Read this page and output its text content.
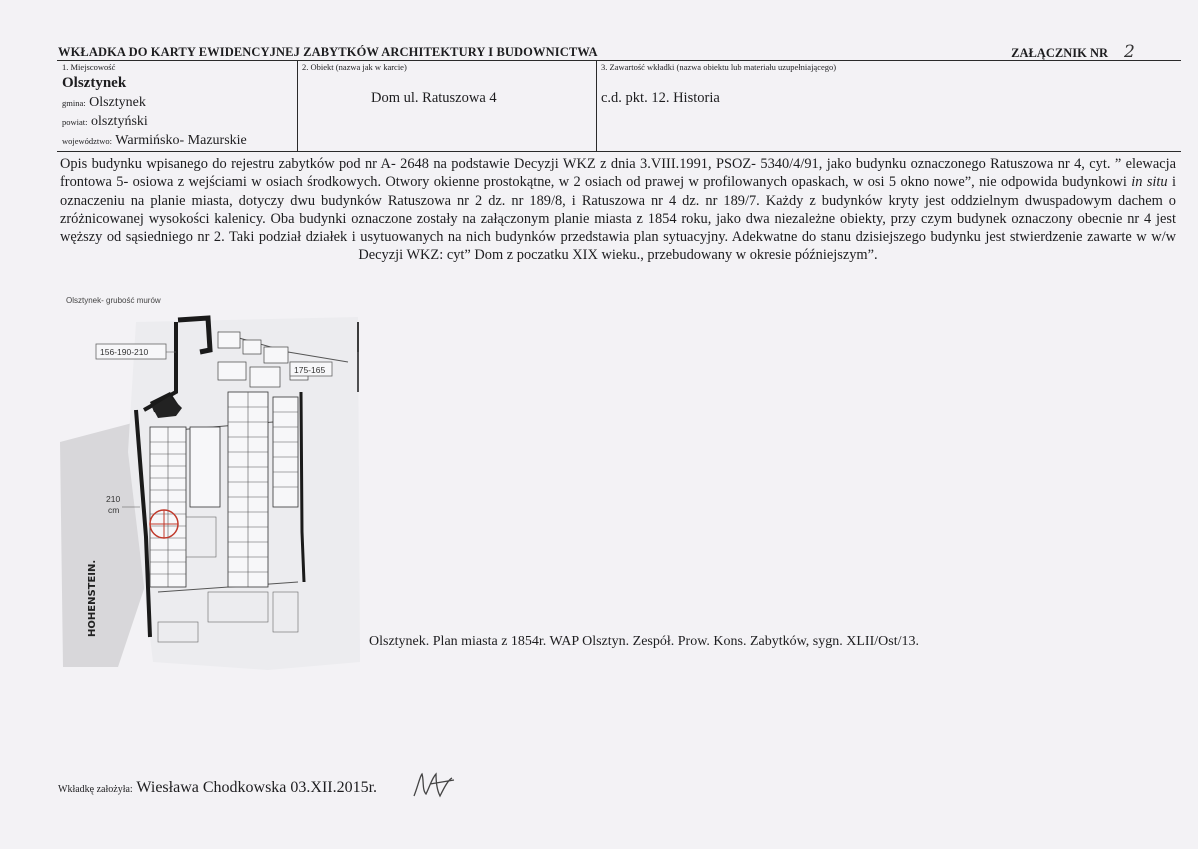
WKŁADKA DO KARTY EWIDENCYJNEJ ZABYTKÓW ARCHITEKTURY I BUDOWNICTWA	ZAŁĄCZNIK NR 2
1. Miejscowość
Olsztynek
gmina: Olsztynek
powiat: olsztyński
województwo: Warmińsko- Mazurskie
2. Obiekt (nazwa jak w karcie)
Dom ul. Ratuszowa 4
3. Zawartość wkładki (nazwa obiektu lub materiału uzupełniającego)
c.d. pkt. 12. Historia
Opis budynku wpisanego do rejestru zabytków pod nr A- 2648 na podstawie Decyzji WKZ z dnia 3.VIII.1991, PSOZ- 5340/4/91, jako budynku oznaczonego Ratuszowa nr 4, cyt. ” elewacja frontowa 5- osiowa z wejściami w osiach środkowych. Otwory okienne prostokątne, w 2 osiach od prawej w profilowanych opaskach, w osi 5 okno nowe”, nie odpowida budynkowi in situ i oznaczeniu na planie miasta, dotyczy dwu budynków Ratuszowa nr 2 dz. nr 189/8, i Ratuszowa nr 4 dz. nr 189/7. Każdy z budynków kryty jest oddzielnym dwuspadowym dachem o zróżnicowanej wysokości kalenicy. Oba budynki oznaczone zostały na załączonym planie miasta z 1854 roku, jako dwa niezależne obiekty, przy czym budynek oznaczony obecnie nr 4 jest węższy od sąsiedniego nr 2. Taki podział działek i usytuowanych na nich budynków przedstawia plan sytuacyjny. Adekwatne do stanu dzisiejszego budynku jest stwierdzenie zawarte w w/w Decyzji WKZ: cyt” Dom z poczatku XIX wieku., przebudowany w okresie późniejszym”.
Olsztynek- grubość murów
156-190-210
175-165
210
cm
HOHENSTEIN.
Olsztynek. Plan miasta z 1854r. WAP Olsztyn. Zespół. Prow. Kons. Zabytków, sygn. XLII/Ost/13.
Wkładkę założyła: Wiesława Chodkowska 03.XII.2015r.
